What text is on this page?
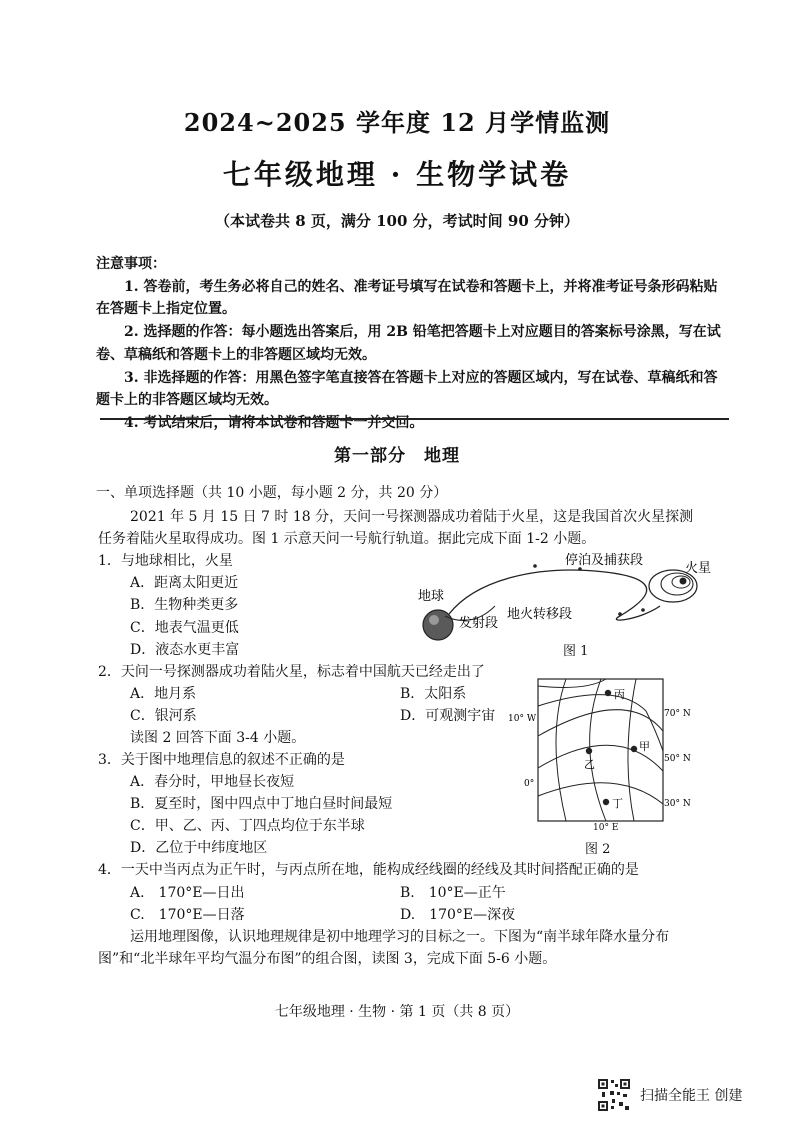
2024~2025 学年度 12 月学情监测
七年级地理 · 生物学试卷
（本试卷共 8 页，满分 100 分，考试时间 90 分钟）
注意事项：

1. 答卷前，考生务必将自己的姓名、准考证号填写在试卷和答题卡上，并将准考证号条形码粘贴在答题卡上指定位置。

2. 选择题的作答：每小题选出答案后，用 2B 铅笔把答题卡上对应题目的答案标号涂黑，写在试卷、草稿纸和答题卡上的非答题区域均无效。

3. 非选择题的作答：用黑色签字笔直接答在答题卡上对应的答题区域内，写在试卷、草稿纸和答题卡上的非答题区域均无效。

4. 考试结束后，请将本试卷和答题卡一并交回。

第一部分　地理
一、单项选择题（共 10 小题，每小题 2 分，共 20 分）
2021 年 5 月 15 日 7 时 18 分，天问一号探测器成功着陆于火星，这是我国首次火星探测
任务着陆火星取得成功。图 1 示意天问一号航行轨道。据此完成下面 1-2 小题。
1．与地球相比，火星
A．距离太阳更近
B．生物种类更多
C．地表气温更低
D．液态水更丰富
地球
发射段
地火转移段
停泊及捕获段
火星
图 1
2．天问一号探测器成功着陆火星，标志着中国航天已经走出了
A．地月系	B．太阳系
C．银河系	D．可观测宇宙
读图 2 回答下面 3-4 小题。
丙
甲
乙
丁
10° W
0°
70° N
50° N
30° N
10° E
图 2
3．关于图中地理信息的叙述不正确的是
A．春分时，甲地昼长夜短
B．夏至时，图中四点中丁地白昼时间最短
C．甲、乙、丙、丁四点均位于东半球
D．乙位于中纬度地区
4．一天中当丙点为正午时，与丙点所在地，能构成经线圈的经线及其时间搭配正确的是
A.　170°E—日出	B.　10°E—正午
C.　170°E—日落	D.　170°E—深夜
运用地理图像，认识地理规律是初中地理学习的目标之一。下图为“南半球年降水量分布
图”和“北半球年平均气温分布图”的组合图，读图 3，完成下面 5-6 小题。
七年级地理 · 生物 · 第 1 页（共 8 页）
扫描全能王 创建
